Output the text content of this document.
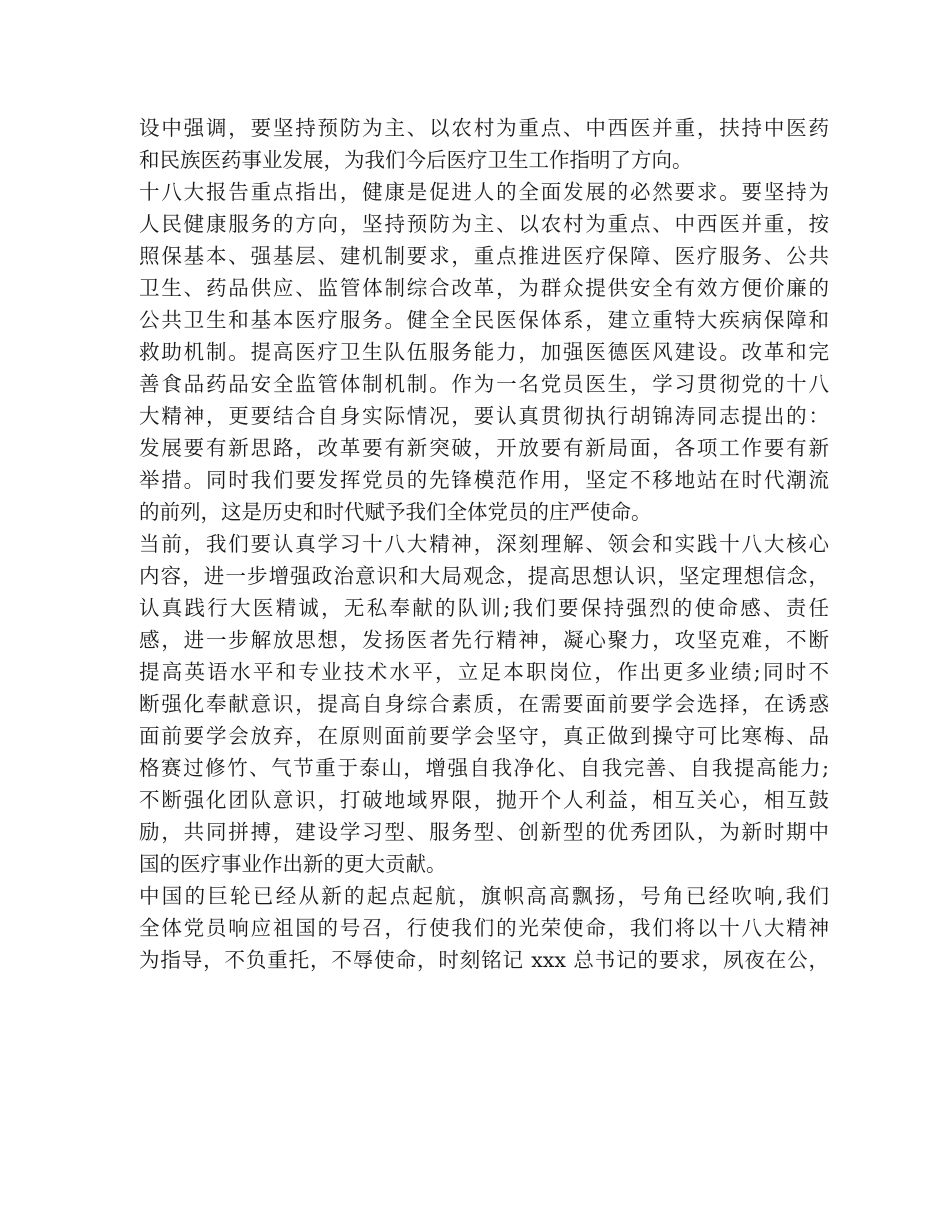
设中强调，要坚持预防为主、以农村为重点、中西医并重，扶持中医药
和民族医药事业发展，为我们今后医疗卫生工作指明了方向。
十八大报告重点指出，健康是促进人的全面发展的必然要求。要坚持为
人民健康服务的方向，坚持预防为主、以农村为重点、中西医并重，按
照保基本、强基层、建机制要求，重点推进医疗保障、医疗服务、公共
卫生、药品供应、监管体制综合改革，为群众提供安全有效方便价廉的
公共卫生和基本医疗服务。健全全民医保体系，建立重特大疾病保障和
救助机制。提高医疗卫生队伍服务能力，加强医德医风建设。改革和完
善食品药品安全监管体制机制。作为一名党员医生，学习贯彻党的十八
大精神，更要结合自身实际情况，要认真贯彻执行胡锦涛同志提出的：
发展要有新思路，改革要有新突破，开放要有新局面，各项工作要有新
举措。同时我们要发挥党员的先锋模范作用，坚定不移地站在时代潮流
的前列，这是历史和时代赋予我们全体党员的庄严使命。
当前，我们要认真学习十八大精神，深刻理解、领会和实践十八大核心
内容，进一步增强政治意识和大局观念，提高思想认识，坚定理想信念，
认真践行大医精诚，无私奉献的队训;我们要保持强烈的使命感、责任
感，进一步解放思想，发扬医者先行精神，凝心聚力，攻坚克难，不断
提高英语水平和专业技术水平，立足本职岗位，作出更多业绩;同时不
断强化奉献意识，提高自身综合素质，在需要面前要学会选择，在诱惑
面前要学会放弃，在原则面前要学会坚守，真正做到操守可比寒梅、品
格赛过修竹、气节重于泰山，增强自我净化、自我完善、自我提高能力;
不断强化团队意识，打破地域界限，抛开个人利益，相互关心，相互鼓
励，共同拼搏，建设学习型、服务型、创新型的优秀团队，为新时期中
国的医疗事业作出新的更大贡献。
中国的巨轮已经从新的起点起航，旗帜高高飘扬，号角已经吹响,我们
全体党员响应祖国的号召，行使我们的光荣使命，我们将以十八大精神
为指导，不负重托，不辱使命，时刻铭记 xxx 总书记的要求，夙夜在公，
